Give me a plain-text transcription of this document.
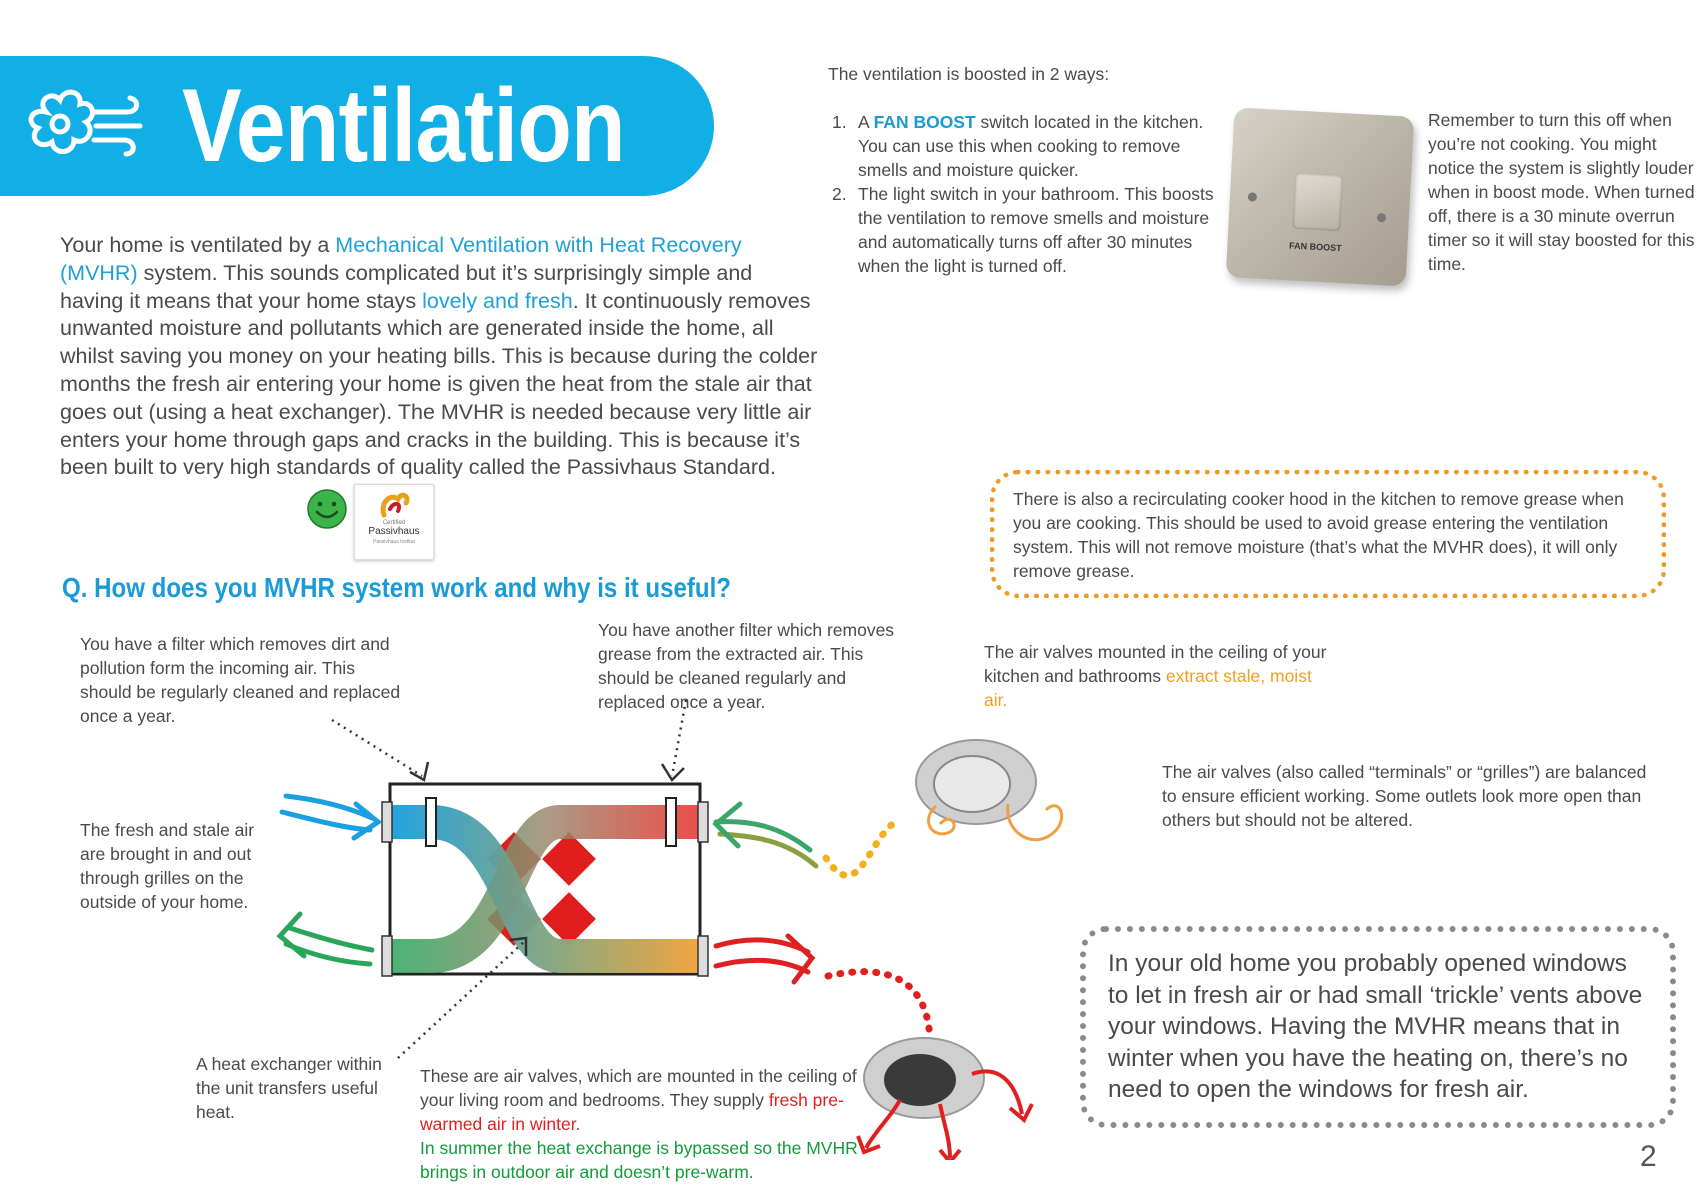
Ventilation
Your home is ventilated by a Mechanical Ventilation with Heat Recovery (MVHR) system. This sounds complicated but it’s surprisingly simple and having it means that your home stays lovely and fresh. It continuously removes unwanted moisture and pollutants which are generated inside the home, all whilst saving you money on your heating bills. This is because during the colder months the fresh air entering your home is given the heat from the stale air that goes out (using a heat exchanger). The MVHR is needed because very little air enters your home through gaps and cracks in the building. This is because it’s been built to very high standards of quality called the Passivhaus Standard.
Certified
Passivhaus
Passivhaus Institut
Q. How does you MVHR system work and why is it useful?
The ventilation is boosted in 2 ways:
1. A FAN BOOST switch located in the kitchen. You can use this when cooking to remove smells and moisture quicker.
2. The light switch in your bathroom. This boosts the ventilation to remove smells and moisture and automatically turns off after 30 minutes when the light is turned off.
FAN BOOST
Remember to turn this off when you’re not cooking. You might notice the system is slightly louder when in boost mode. When turned off, there is a 30 minute overrun timer so it will stay boosted for this time.
There is also a recirculating cooker hood in the kitchen to remove grease when you are cooking. This should be used to avoid grease entering the ventilation system. This will not remove moisture (that’s what the MVHR does), it will only remove grease.
You have a filter which removes dirt and pollution form the incoming air. This should be regularly cleaned and replaced once a year.
You have another filter which removes grease from the extracted air. This should be cleaned regularly and replaced once a year.
The fresh and stale air are brought in and out through grilles on the outside of your home.
A heat exchanger within the unit transfers useful heat.
These are air valves, which are mounted in the ceiling of your living room and bedrooms. They supply fresh pre-warmed air in winter.
In summer the heat exchange is bypassed so the MVHR brings in outdoor air and doesn’t pre-warm.
The air valves mounted in the ceiling of your kitchen and bathrooms extract stale, moist air.
The air valves (also called “terminals” or “grilles”) are balanced to ensure efficient working. Some outlets look more open than others but should not be altered.
In your old home you probably opened windows to let in fresh air or had small ‘trickle’ vents above your windows. Having the MVHR means that in winter when you have the heating on, there’s no need to open the windows for fresh air.
2
